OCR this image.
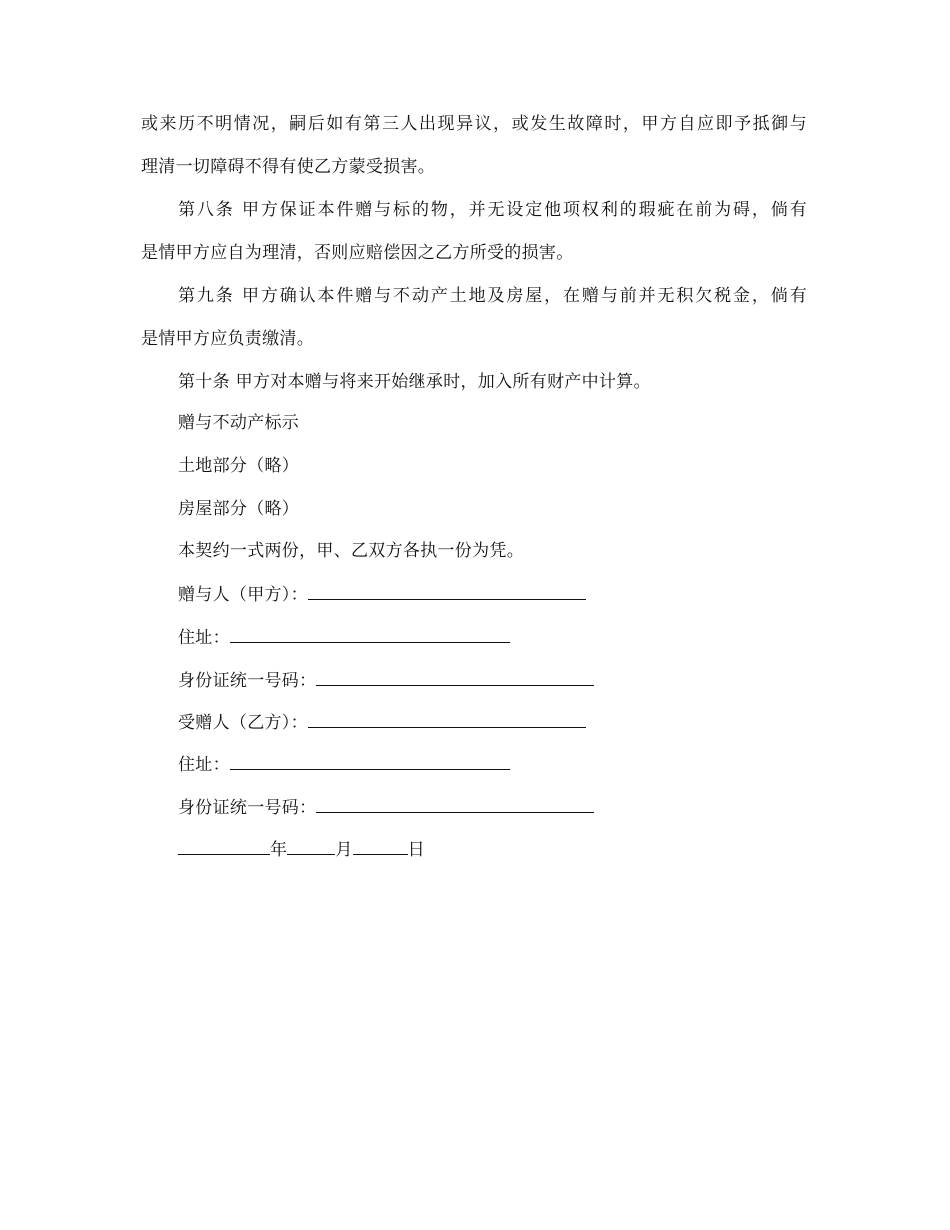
或来历不明情况，嗣后如有第三人出现异议，或发生故障时，甲方自应即予抵御与
理清一切障碍不得有使乙方蒙受损害。
第八条 甲方保证本件赠与标的物，并无设定他项权利的瑕疵在前为碍，倘有
是情甲方应自为理清，否则应赔偿因之乙方所受的损害。
第九条 甲方确认本件赠与不动产土地及房屋，在赠与前并无积欠税金，倘有
是情甲方应负责缴清。
第十条 甲方对本赠与将来开始继承时，加入所有财产中计算。
赠与不动产标示
土地部分（略）
房屋部分（略）
本契约一式两份，甲、乙双方各执一份为凭。
赠与人（甲方）：
住址：
身份证统一号码：
受赠人（乙方）：
住址：
身份证统一号码：
年	月	日
